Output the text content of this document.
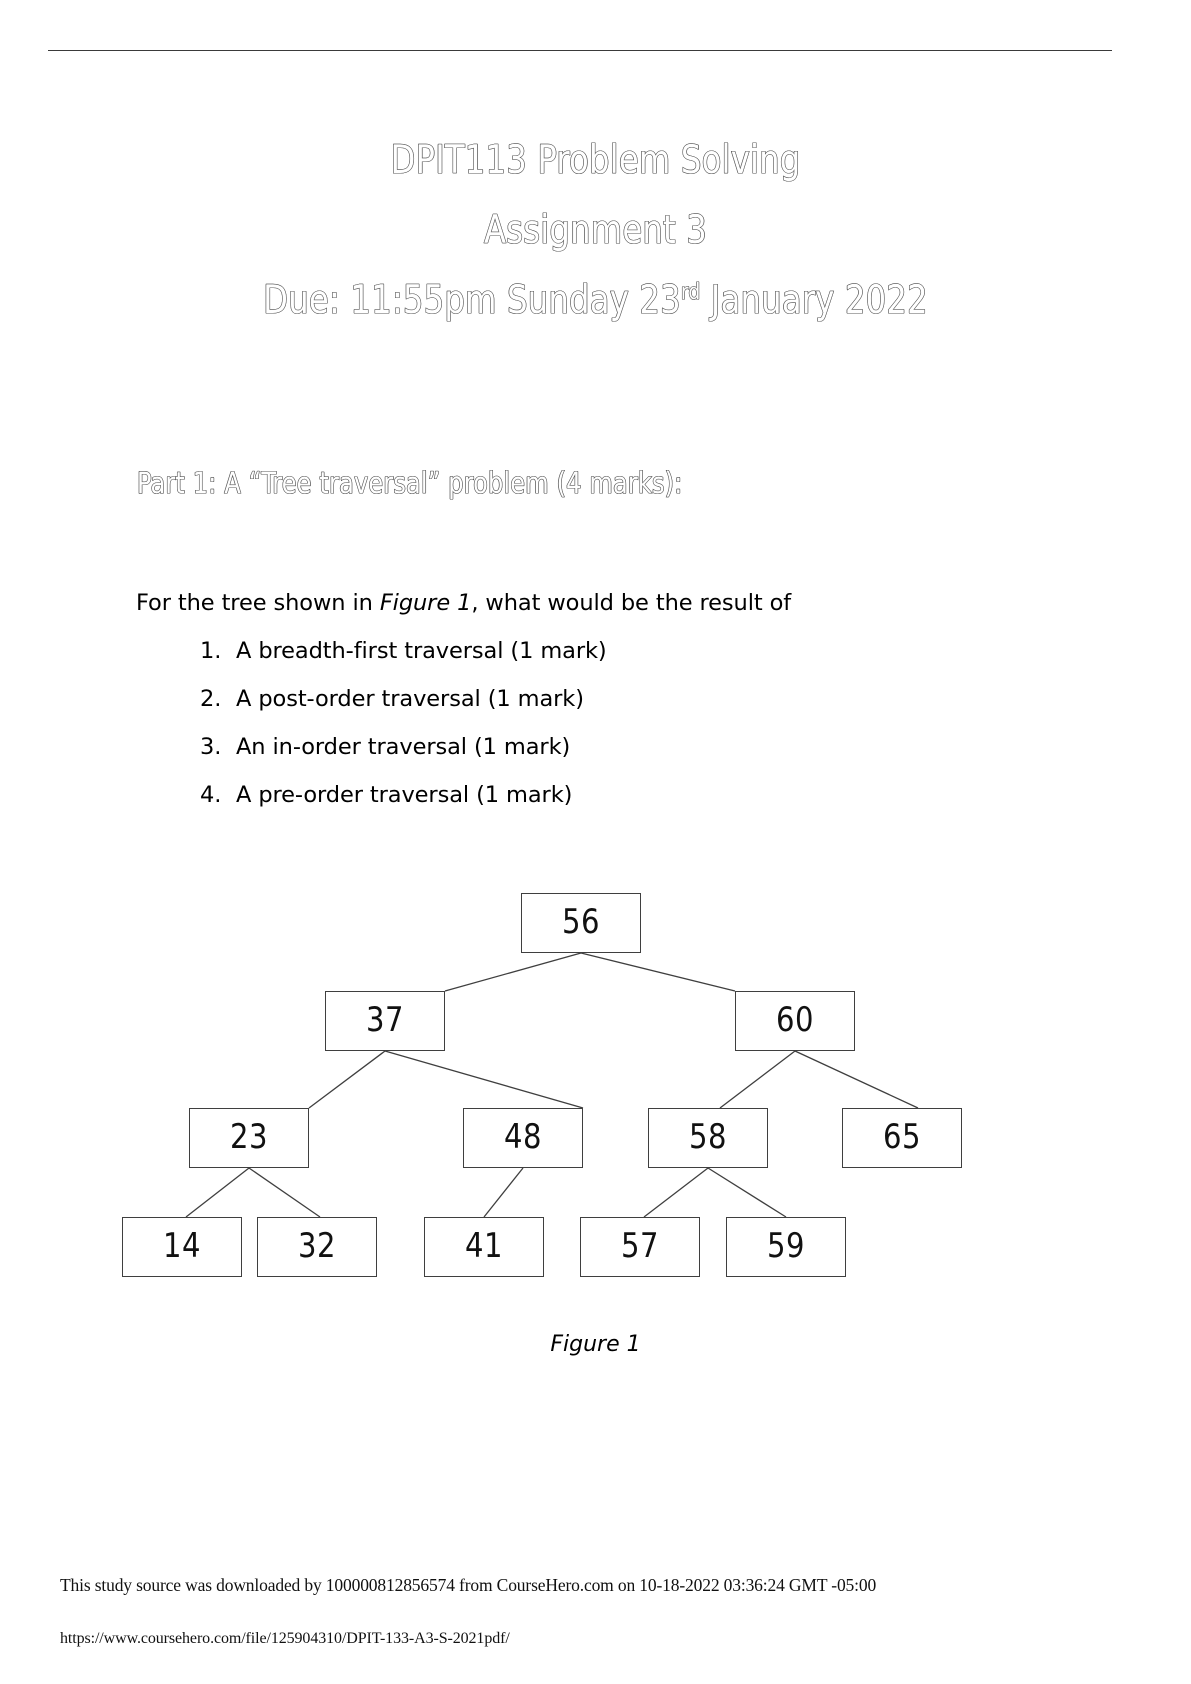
DPIT113 Problem Solving
Assignment 3
Due: 11:55pm Sunday 23rd January 2022
Part 1: A “Tree traversal” problem (4 marks):
For the tree shown in Figure 1, what would be the result of
1. A breadth-first traversal (1 mark)
2. A post-order traversal (1 mark)
3. An in-order traversal (1 mark)
4. A pre-order traversal (1 mark)
56
37	60
23	48	58	65
14	32	41	57	59
Figure 1
This study source was downloaded by 100000812856574 from CourseHero.com on 10-18-2022 03:36:24 GMT -05:00
https://www.coursehero.com/file/125904310/DPIT-133-A3-S-2021pdf/
